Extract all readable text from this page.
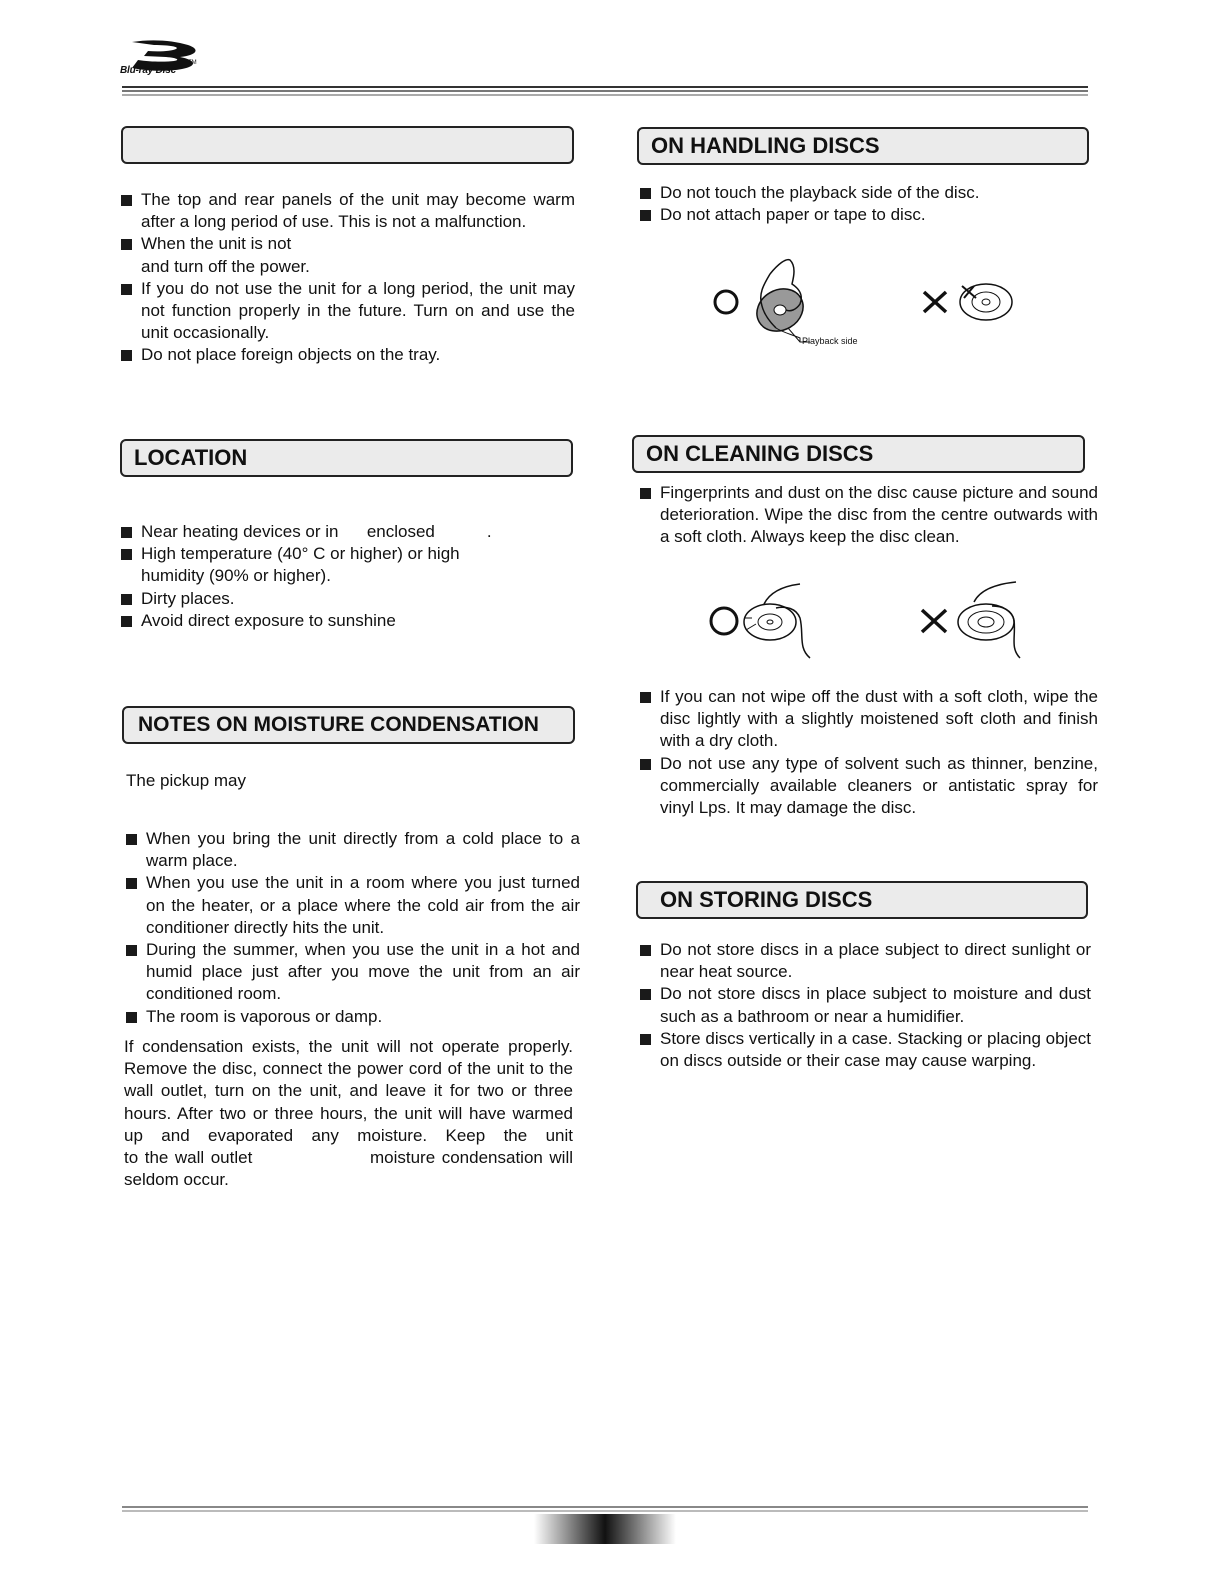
Blu-ray Disc
TM
The top and rear panels of the unit may become warm after a long period of use. This is not a malfunction.
When the unit is not
and turn off the power.
If you do not use the unit for a long period, the unit may not function properly in the future. Turn on and use the unit occasionally.
Do not place foreign objects on the tray.
LOCATION
Near heating devices or in      enclosed           .
High temperature (40° C or higher) or high
humidity (90% or higher).
Dirty places.
Avoid direct exposure to sunshine
NOTES ON MOISTURE CONDENSATION
The pickup may
When you bring the unit directly from a cold place to a warm place.
When you use the unit in a room where you just turned on the heater, or a place where the cold air from the air conditioner directly hits the unit.
During the summer, when you use the unit in a hot and humid place just after you move the unit from an air conditioned room.
The room is vaporous or damp.
If condensation exists, the unit will not operate properly. Remove the disc, connect the power cord of the unit to the wall outlet, turn on the unit, and leave it for two or three hours. After two or three hours, the unit will have warmed up and evaporated any moisture. Keep the unit                  to the wall outlet                  moisture condensation will seldom occur.
ON HANDLING DISCS
Do not touch the playback side of the disc.
Do not attach paper or tape to disc.
Playback side
ON CLEANING DISCS
Fingerprints and dust on the disc cause picture and sound deterioration. Wipe the disc from the centre outwards with a soft cloth. Always keep the disc clean.
If you can not wipe off the dust with a soft cloth, wipe the disc lightly with a slightly moistened soft cloth and finish with a dry cloth.
Do not use any type of solvent such as thinner, benzine, commercially available cleaners or antistatic spray for vinyl Lps. It may damage the disc.
ON STORING DISCS
Do not store discs in a place subject to direct sunlight or near heat source.
Do not store discs in place subject to moisture and dust such as a bathroom or near a humidifier.
Store discs vertically in a case. Stacking or placing object on discs outside or their case may cause warping.
